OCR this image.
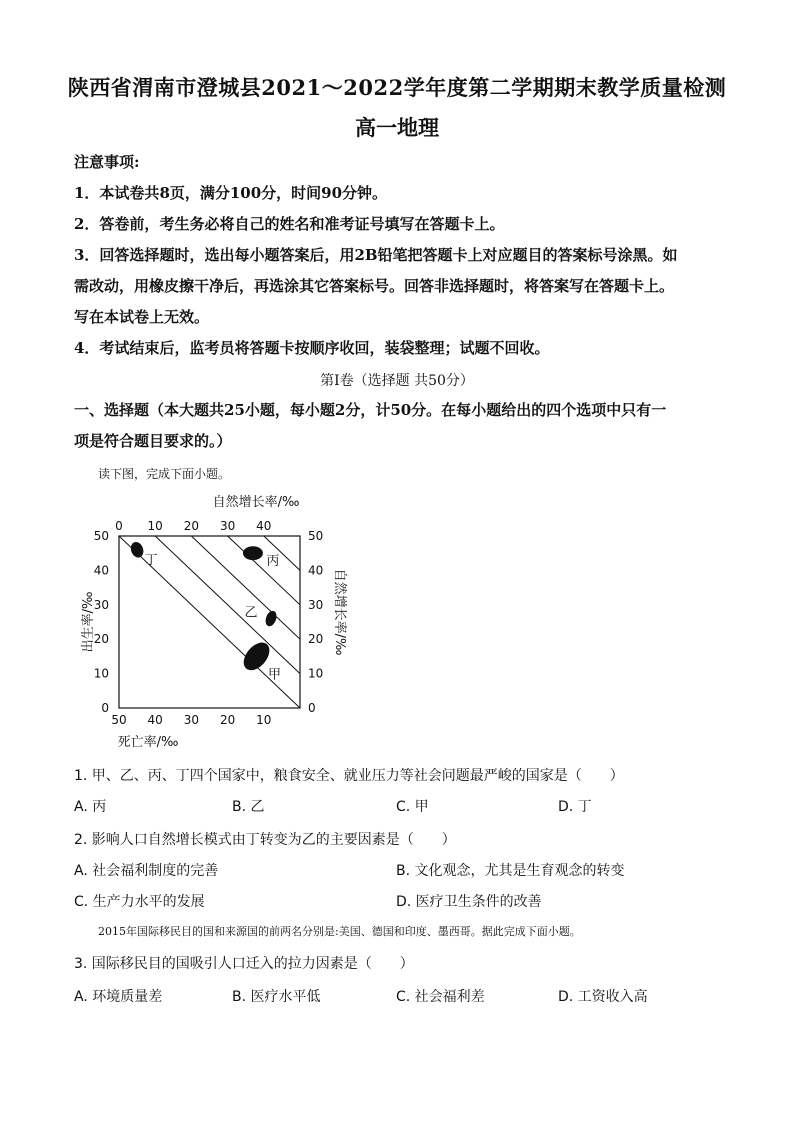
陕西省渭南市澄城县2021～2022学年度第二学期期末教学质量检测
高一地理
注意事项:
1．本试卷共8页，满分100分，时间90分钟。
2．答卷前，考生务必将自己的姓名和准考证号填写在答题卡上。
3．回答选择题时，选出每小题答案后，用2B铅笔把答题卡上对应题目的答案标号涂黑。如
需改动，用橡皮擦干净后，再选涂其它答案标号。回答非选择题时，将答案写在答题卡上。
写在本试卷上无效。
4．考试结束后，监考员将答题卡按顺序收回，装袋整理；试题不回收。
第Ⅰ卷（选择题 共50分）
一、选择题（本大题共25小题，每小题2分，计50分。在每小题给出的四个选项中只有一
项是符合题目要求的。）
读下图，完成下面小题。
50 40 30 20 10
50
40
30
20
10
0
0 10 20 30 40
50
40
30
20
10
0
自然增长率/‰
死亡率/‰
出生率/‰	自然增长率/‰
丁	丙
乙
甲
1. 甲、乙、丙、丁四个国家中，粮食安全、就业压力等社会问题最严峻的国家是（　　）
A. 丙	B. 乙	C. 甲	D. 丁
2. 影响人口自然增长模式由丁转变为乙的主要因素是（　　）
A. 社会福利制度的完善	B. 文化观念，尤其是生育观念的转变
C. 生产力水平的发展	D. 医疗卫生条件的改善
2015年国际移民目的国和来源国的前两名分别是:美国、德国和印度、墨西哥。据此完成下面小题。
3. 国际移民目的国吸引人口迁入的拉力因素是（　　）
A. 环境质量差	B. 医疗水平低	C. 社会福利差	D. 工资收入高
